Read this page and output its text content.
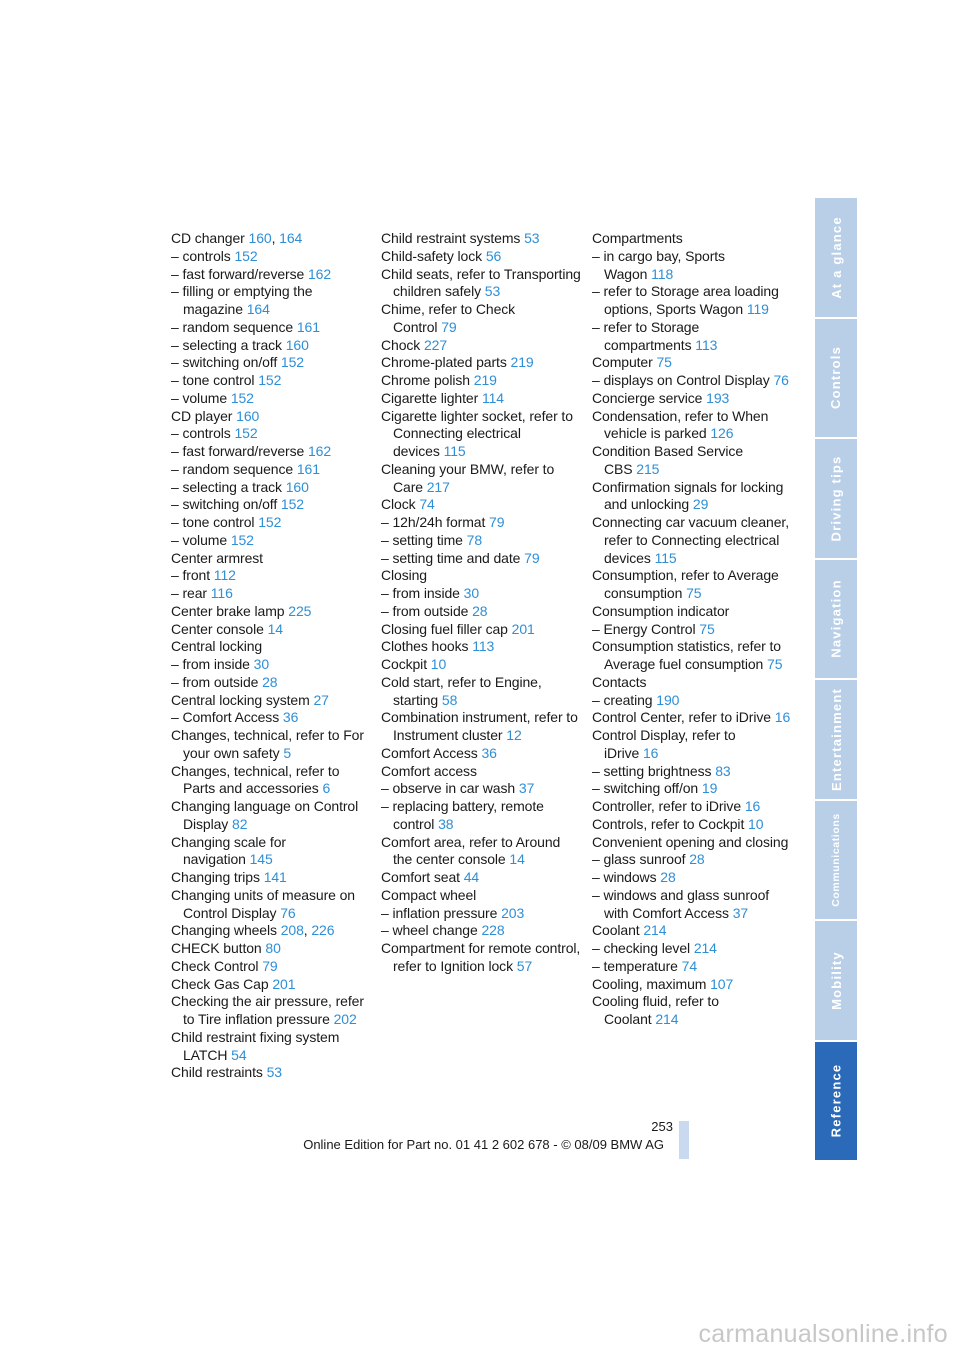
CD changer 160, 164
– controls 152
– fast forward/reverse 162
– filling or emptying the magazine 164
– random sequence 161
– selecting a track 160
– switching on/off 152
– tone control 152
– volume 152
CD player 160
– controls 152
– fast forward/reverse 162
– random sequence 161
– selecting a track 160
– switching on/off 152
– tone control 152
– volume 152
Center armrest
– front 112
– rear 116
Center brake lamp 225
Center console 14
Central locking
– from inside 30
– from outside 28
Central locking system 27
– Comfort Access 36
Changes, technical, refer to For your own safety 5
Changes, technical, refer to Parts and accessories 6
Changing language on Control Display 82
Changing scale for navigation 145
Changing trips 141
Changing units of measure on Control Display 76
Changing wheels 208, 226
CHECK button 80
Check Control 79
Check Gas Cap 201
Checking the air pressure, refer to Tire inflation pressure 202
Child restraint fixing system LATCH 54
Child restraints 53
Child restraint systems 53
Child-safety lock 56
Child seats, refer to Transporting children safely 53
Chime, refer to Check Control 79
Chock 227
Chrome-plated parts 219
Chrome polish 219
Cigarette lighter 114
Cigarette lighter socket, refer to Connecting electrical devices 115
Cleaning your BMW, refer to Care 217
Clock 74
– 12h/24h format 79
– setting time 78
– setting time and date 79
Closing
– from inside 30
– from outside 28
Closing fuel filler cap 201
Clothes hooks 113
Cockpit 10
Cold start, refer to Engine, starting 58
Combination instrument, refer to Instrument cluster 12
Comfort Access 36
Comfort access
– observe in car wash 37
– replacing battery, remote control 38
Comfort area, refer to Around the center console 14
Comfort seat 44
Compact wheel
– inflation pressure 203
– wheel change 228
Compartment for remote control, refer to Ignition lock 57
Compartments
– in cargo bay, Sports Wagon 118
– refer to Storage area loading options, Sports Wagon 119
– refer to Storage compartments 113
Computer 75
– displays on Control Display 76
Concierge service 193
Condensation, refer to When vehicle is parked 126
Condition Based Service CBS 215
Confirmation signals for locking and unlocking 29
Connecting car vacuum cleaner, refer to Connecting electrical devices 115
Consumption, refer to Average consumption 75
Consumption indicator
– Energy Control 75
Consumption statistics, refer to Average fuel consumption 75
Contacts
– creating 190
Control Center, refer to iDrive 16
Control Display, refer to iDrive 16
– setting brightness 83
– switching off/on 19
Controller, refer to iDrive 16
Controls, refer to Cockpit 10
Convenient opening and closing
– glass sunroof 28
– windows 28
– windows and glass sunroof with Comfort Access 37
Coolant 214
– checking level 214
– temperature 74
Cooling, maximum 107
Cooling fluid, refer to Coolant 214
At a glance
Controls
Driving tips
Navigation
Entertainment
Communications
Mobility
Reference
253
Online Edition for Part no. 01 41 2 602 678 - © 08/09 BMW AG
carmanualsonline.info
